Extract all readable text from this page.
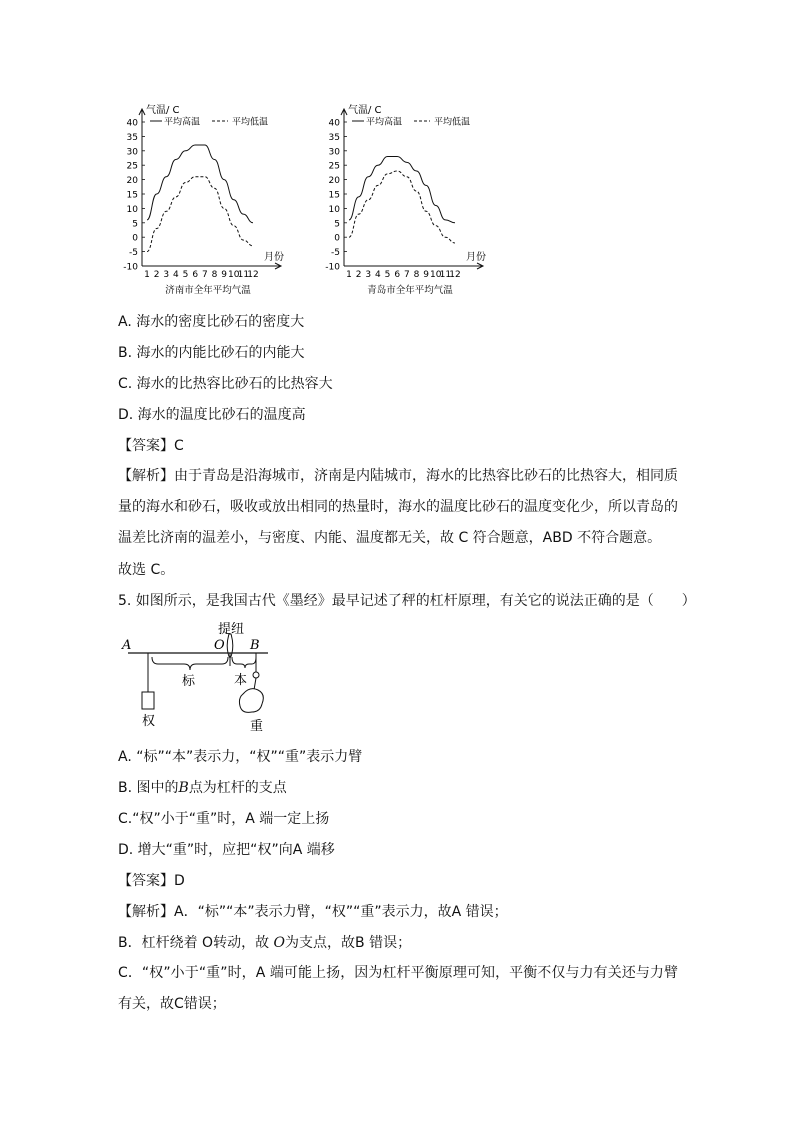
气温/ C
40
35
30
25
20
15
10
5
0
-5
-10
1 2 3 4 5 6 7 8 9 10
11
12
月份
平均高温	平均低温
济南市全年平均气温
气温/ C
40
35
30
25
20
15
10
5
0
-5
-10
1 2 3 4 5 6 7 8 9 10
11
12
月份
平均高温	平均低温
青岛市全年平均气温
A. 海水的密度比砂石的密度大
B. 海水的内能比砂石的内能大
C. 海水的比热容比砂石的比热容大
D. 海水的温度比砂石的温度高
【答案】C
【解析】由于青岛是沿海城市，济南是内陆城市，海水的比热容比砂石的比热容大，相同质量的海水和砂石，吸收或放出相同的热量时，海水的温度比砂石的温度变化少，所以青岛的温差比济南的温差小，与密度、内能、温度都无关，故 C 符合题意，ABD 不符合题意。
故选 C。
5. 如图所示，是我国古代《墨经》最早记述了秤的杠杆原理，有关它的说法正确的是（　　）
A	O B
提纽
标	本
权	重
A. “标”“本”表示力，“权”“重”表示力臂
B. 图中的B点为杠杆的支点
C.“权”小于“重”时，A 端一定上扬
D. 增大“重”时，应把“权”向A 端移
【答案】D
【解析】A．“标”“本”表示力臂，“权”“重”表示力，故A 错误；
B．杠杆绕着 O转动，故 O为支点，故B 错误；
C．“权”小于“重”时，A 端可能上扬，因为杠杆平衡原理可知，平衡不仅与力有关还与力臂有关，故C错误；
